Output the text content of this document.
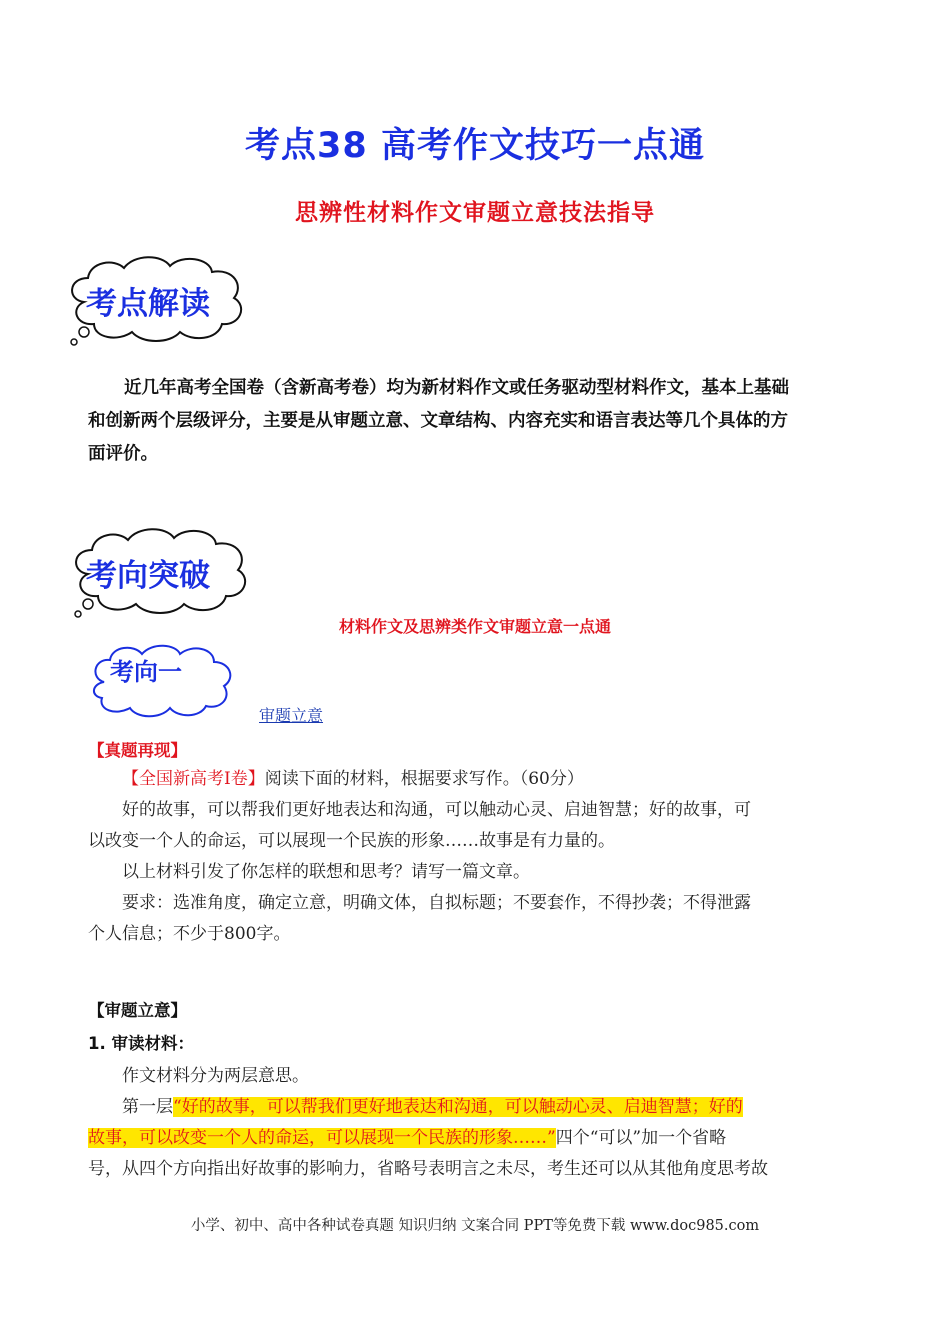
考点38 高考作文技巧一点通
思辨性材料作文审题立意技法指导
考点解读
近几年高考全国卷（含新高考卷）均为新材料作文或任务驱动型材料作文，基本上基础
和创新两个层级评分，主要是从审题立意、文章结构、内容充实和语言表达等几个具体的方
面评价。
考向突破
材料作文及思辨类作文审题立意一点通
考向一
审题立意
【真题再现】
【全国新高考Ⅰ卷】阅读下面的材料，根据要求写作。（60分）
好的故事，可以帮我们更好地表达和沟通，可以触动心灵、启迪智慧；好的故事，可
以改变一个人的命运，可以展现一个民族的形象……故事是有力量的。
以上材料引发了你怎样的联想和思考？请写一篇文章。
要求：选准角度，确定立意，明确文体，自拟标题；不要套作，不得抄袭；不得泄露
个人信息；不少于800字。
【审题立意】
1. 审读材料：
作文材料分为两层意思。
第一层“好的故事，可以帮我们更好地表达和沟通，可以触动心灵、启迪智慧；好的
故事，可以改变一个人的命运，可以展现一个民族的形象……”四个“可以”加一个省略
号，从四个方向指出好故事的影响力，省略号表明言之未尽，考生还可以从其他角度思考故
小学、初中、高中各种试卷真题 知识归纳 文案合同 PPT等免费下载 www.doc985.com
